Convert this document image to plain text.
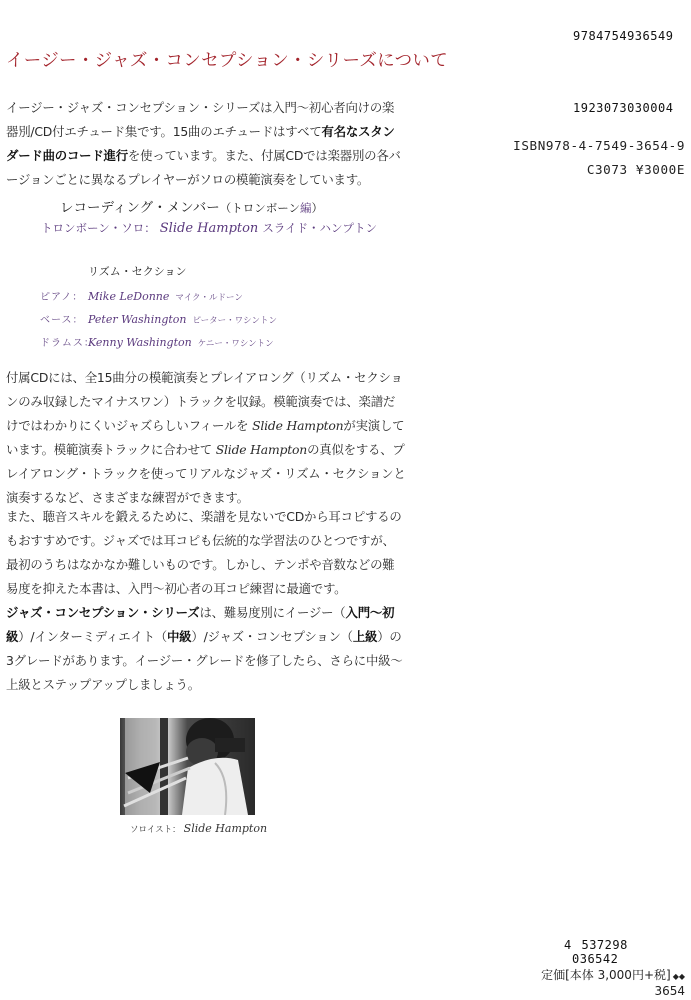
9784754936549
1923073030004
ISBN978-4-7549-3654-9
C3073 ¥3000E
イージー・ジャズ・コンセプション・シリーズについて
イージー・ジャズ・コンセプション・シリーズは入門～初心者向けの楽器別/CD付エチュード集です。15曲のエチュードはすべて有名なスタンダード曲のコード進行を使っています。また、付属CDでは楽器別の各バージョンごとに異なるプレイヤーがソロの模範演奏をしています。
レコーディング・メンバー（トロンボーン編）
トロンボーン・ソロ： Slide Hampton スライド・ハンプトン
リズム・セクション
ピアノ： Mike LeDonne マイク・ルドーン
ベース： Peter Washington ピーター・ワシントン
ドラムス：Kenny Washington ケニー・ワシントン
付属CDには、全15曲分の模範演奏とプレイアロング（リズム・セクションのみ収録したマイナスワン）トラックを収録。模範演奏では、楽譜だけではわかりにくいジャズらしいフィールを Slide Hamptonが実演しています。模範演奏トラックに合わせて Slide Hamptonの真似をする、プレイアロング・トラックを使ってリアルなジャズ・リズム・セクションと演奏するなど、さまざまな練習ができます。
また、聴音スキルを鍛えるために、楽譜を見ないでCDから耳コピするのもおすすめです。ジャズでは耳コピも伝統的な学習法のひとつですが、最初のうちはなかなか難しいものです。しかし、テンポや音数などの難易度を抑えた本書は、入門～初心者の耳コピ練習に最適です。
ジャズ・コンセプション・シリーズは、難易度別にイージー（入門～初級）/インターミディエイト（中級）/ジャズ・コンセプション（上級）の3グレードがあります。イージー・グレードを修了したら、さらに中級～上級とステップアップしましょう。
ソロイスト： Slide Hampton
4 537298 036542
定価[本体 3,000円+税] ◆◆
3654
